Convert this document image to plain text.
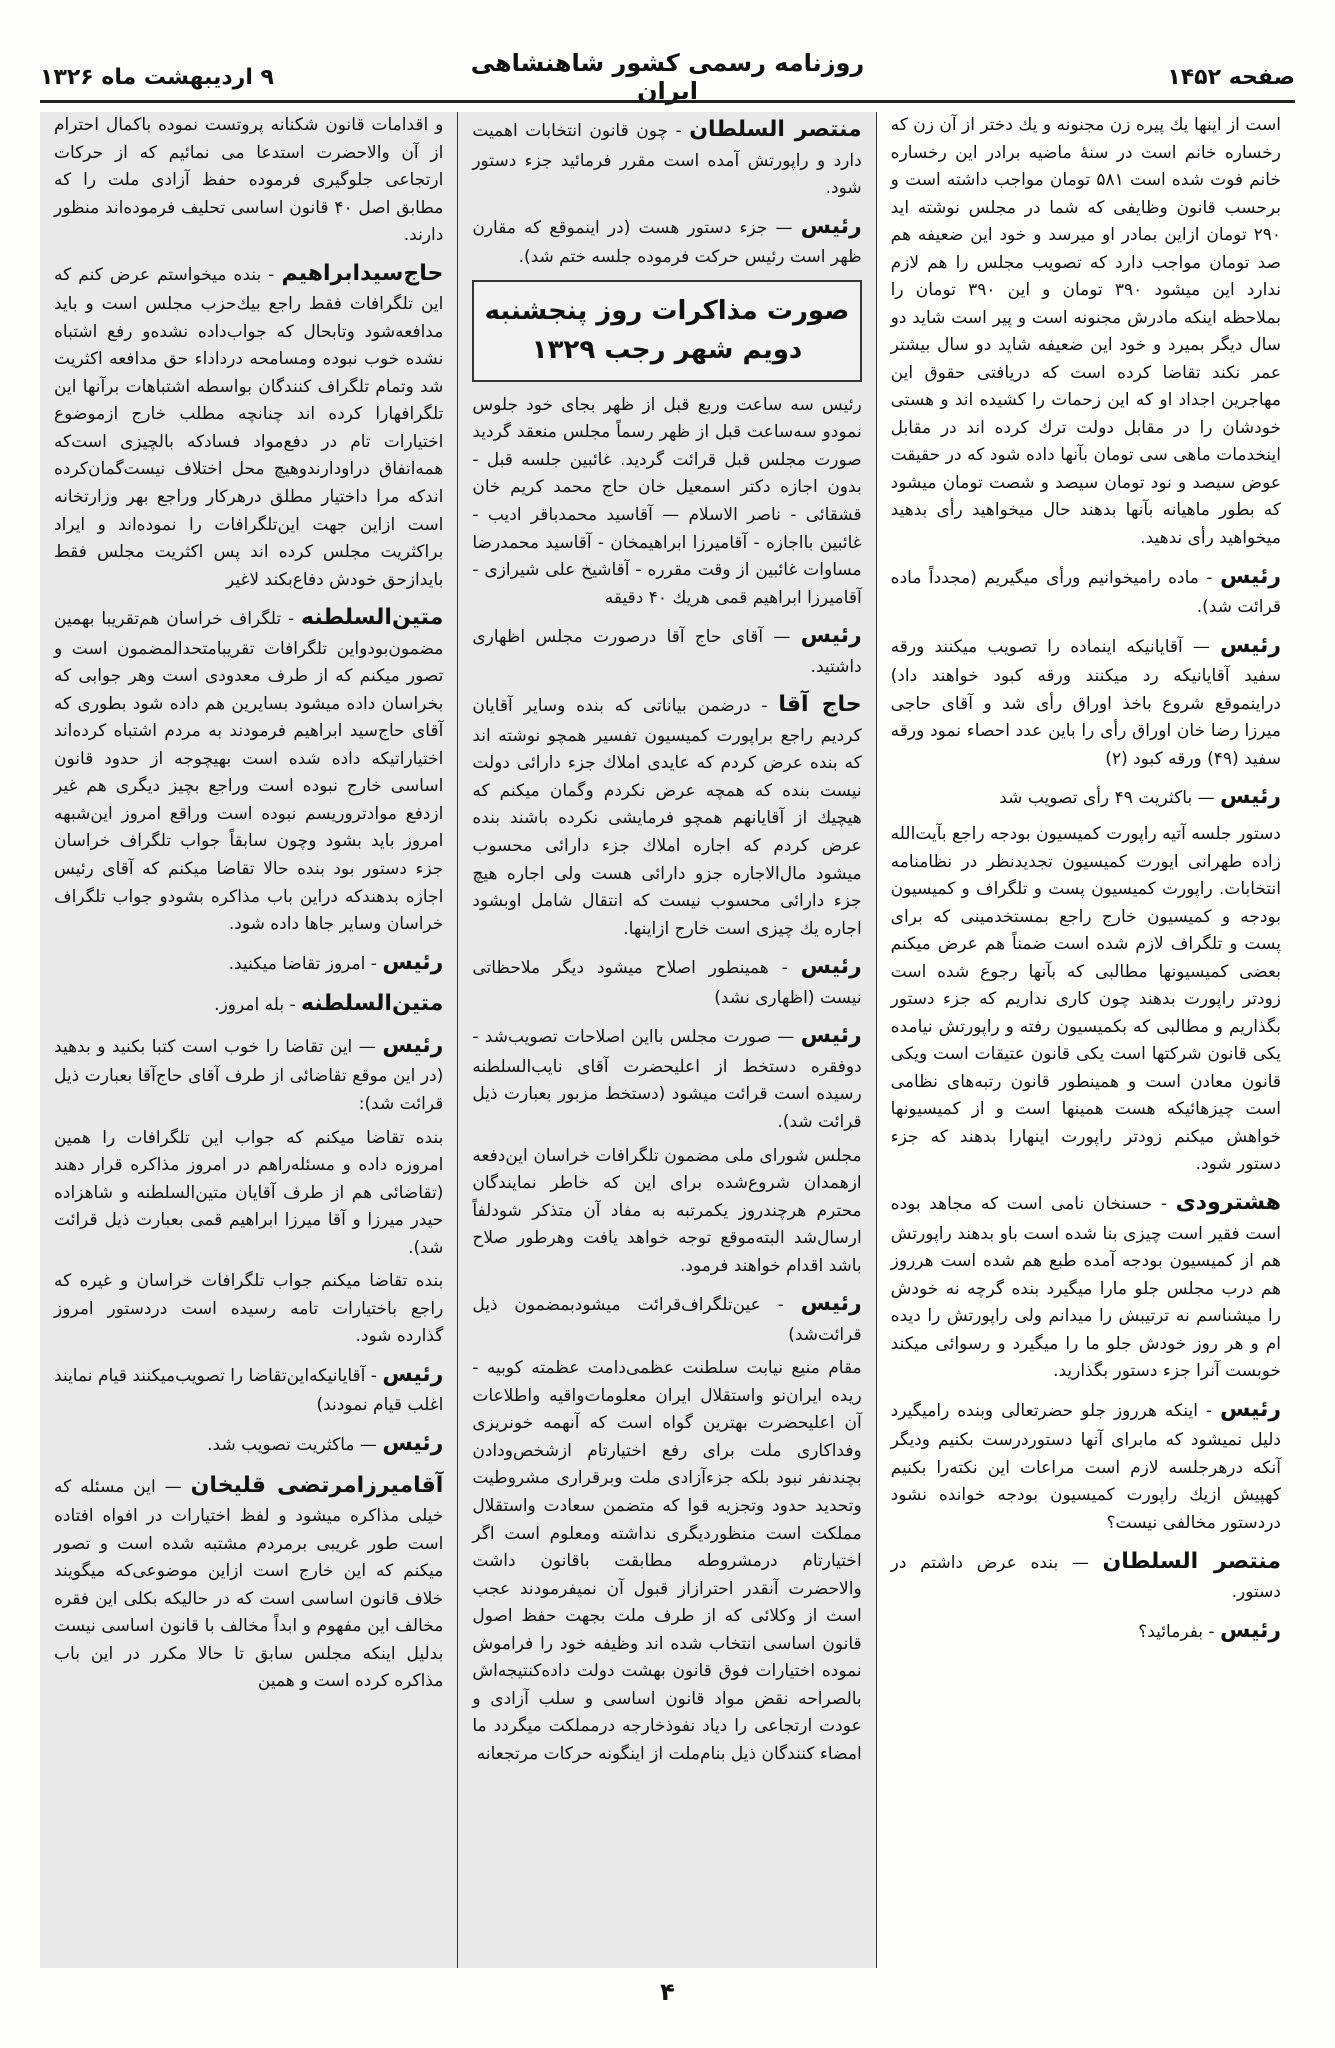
صفحه ۱۴۵۲
روزنامه رسمی کشور شاهنشاهی ایران
۹ اردیبهشت ماه ۱۳۲۶

است از اینها یك پیره زن مجنونه و یك دختر از آن زن که رخساره خانم است در سنهٔ ماضیه برادر این رخساره خانم فوت شده است ۵۸۱ تومان مواجب داشته است و برحسب قانون وظایفی که شما در مجلس نوشته اید ۲۹۰ تومان ازاین بمادر او میرسد و خود این ضعیفه هم صد تومان مواجب دارد که تصویب مجلس را هم لازم ندارد این میشود ۳۹۰ تومان و این ۳۹۰ تومان را بملاحظه اینکه مادرش مجنونه است و پیر است شاید دو سال دیگر بمیرد و خود این ضعیفه شاید دو سال بیشتر عمر نکند تقاضا کرده است که دریافتی حقوق این مهاجرین اجداد او که این زحمات را کشیده اند و هستی خودشان را در مقابل دولت ترك کرده اند در مقابل اینخدمات ماهی سی تومان بآنها داده شود که در حقیقت عوض سیصد و نود تومان سیصد و شصت تومان میشود که بطور ماهیانه بآنها بدهند حال میخواهید رأی بدهید میخواهید رأی ندهید.

رئیس - ماده رامیخوانیم ورأی میگیریم (مجدداً ماده قرائت شد).

رئیس — آقایانیکه اینماده را تصویب میکنند ورقه سفید آقایانیکه رد میکنند ورقه کبود خواهند داد) دراینموقع شروع باخذ اوراق رأی شد و آقای حاجی میرزا رضا خان اوراق رأی را باین عدد احصاء نمود ورقه سفید (۴۹) ورقه کبود (۲)

رئیس — باکثریت ۴۹ رأی تصویب شد

دستور جلسه آتیه راپورت کمیسیون بودجه راجع بآیت‌الله زاده طهرانی ایورت کمیسیون تجدیدنظر در نظامنامه انتخابات. راپورت کمیسیون پست و تلگراف و کمیسیون بودجه و کمیسیون خارج راجع بمستخدمینی که برای پست و تلگراف لازم شده است ضمناً هم عرض میکنم بعضی کمیسیونها مطالبی که بآنها رجوع شده است زودتر راپورت بدهند چون کاری نداریم که جزء دستور بگذاریم و مطالبی که بکمیسیون رفته و راپورتش نیامده یکی قانون شرکتها است یکی قانون عتیقات است ویکی قانون معادن است و همینطور قانون رتبه‌های نظامی است چیزهائیکه هست همینها است و از کمیسیونها خواهش میکنم زودتر راپورت اینهارا بدهند که جزء دستور شود.

هشترودی - حسنخان نامی است که مجاهد بوده است فقیر است چیزی بنا شده است باو بدهند راپورتش هم از کمیسیون بودجه آمده طبع هم شده است هرروز هم درب مجلس جلو مارا میگیرد بنده گرچه نه خودش را میشناسم نه ترتیبش را میدانم ولی راپورتش را دیده ام و هر روز خودش جلو ما را میگیرد و رسوائی میکند خوبست آنرا جزء دستور بگذارید.

رئیس - اینکه هرروز جلو حضرتعالی وبنده رامیگیرد دلیل نمیشود که مابرای آنها دستوردرست بکنیم ودیگر آنکه درهرجلسه لازم است مراعات این نکته‌را بکنیم کهپیش ازیك راپورت کمیسیون بودجه خوانده نشود دردستور مخالفی نیست؟

منتصر السلطان — بنده عرض داشتم در دستور.

رئیس - بفرمائید؟

منتصر السلطان - چون قانون انتخابات اهمیت دارد و راپورتش آمده است مقرر فرمائید جزء دستور شود.

رئیس — جزء دستور هست (در اینموقع که مقارن ظهر است رئیس حرکت فرموده جلسه ختم شد).

صورت مذاکرات روز پنجشنبه دویم شهر رجب ۱۳۲۹

رئیس سه ساعت وربع قبل از ظهر بجای خود جلوس نمودو سه‌ساعت قبل از ظهر رسماً مجلس منعقد گردید صورت مجلس قبل قرائت گردید. غائبین جلسه قبل - بدون اجازه دکتر اسمعیل خان حاج محمد کریم خان قشقائی - ناصر الاسلام — آقاسید محمدباقر ادیب - غائبین بااجازه - آقامیرزا ابراهیمخان - آقاسید محمدرضا مساوات غائبین از وقت مقرره - آقاشیخ علی شیرازی - آقامیرزا ابراهیم قمی هریك ۴۰ دقیقه

رئیس — آقای حاج آقا درصورت مجلس اظهاری داشتید.

حاج آقا - درضمن بیاناتی که بنده وسایر آقایان کردیم راجع براپورت کمیسیون تفسیر همچو نوشته اند که بنده عرض کردم که عایدی املاك جزء دارائی دولت نیست بنده که همچه عرض نکردم وگمان میکنم که هیچیك از آقایانهم همچو فرمایشی نکرده باشند بنده عرض کردم که اجاره املاك جزء دارائی محسوب میشود مال‌الاجاره جزو دارائی هست ولی اجاره هیچ جزء دارائی محسوب نیست که انتقال شامل اوبشود اجاره یك چیزی است خارج ازاینها.

رئیس - همینطور اصلاح میشود دیگر ملاحظاتی نیست (اظهاری نشد)

رئیس — صورت مجلس بااین اصلاحات تصویب‌شد - دوفقره دستخط از اعلیحضرت آقای نایب‌السلطنه رسیده است قرائت میشود (دستخط مزبور بعبارت ذیل قرائت شد).

مجلس شورای ملی مضمون تلگرافات خراسان این‌دفعه ازهمدان شروع‌شده برای این که خاطر نمایندگان محترم هرچندروز یکمرتبه به مفاد آن متذکر شودلفاً ارسال‌شد البته‌موقع توجه خواهد یافت وهرطور صلاح باشد اقدام خواهند فرمود.

رئیس - عین‌تلگراف‌قرائت میشودبمضمون ذیل قرائت‌شد)

مقام منیع نیابت سلطنت عظمی‌دامت عظمته کوبیه - ریده ایران‌نو واستقلال ایران معلومات‌واقیه واطلاعات آن اعلیحضرت بهترین گواه است که آنهمه خونریزی وفداکاری ملت برای رفع اختیارتام ازشخص‌ودادن بچندنفر نبود بلکه جزءآزادی ملت وبرقراری مشروطیت وتحدید حدود وتجزیه قوا که متضمن سعادت واستقلال مملکت است منظوردیگری نداشته ومعلوم است اگر اختیارتام درمشروطه مطابقت باقانون داشت والاحضرت آنقدر احترازاز قبول آن نمیفرمودند عجب است از وکلائی که از طرف ملت بجهت حفظ اصول قانون اساسی انتخاب شده اند وظیفه خود را فراموش نموده اختیارات فوق قانون بهشت دولت داده‌کنتیجه‌اش بالصراحه نقض مواد قانون اساسی و سلب آزادی و عودت ارتجاعی را دیاد نفوذخارجه درمملکت میگردد ما امضاء کنندگان ذیل بنام‌ملت از اینگونه حرکات مرتجعانه

و اقدامات قانون شکنانه پروتست نموده باکمال احترام از آن والاحضرت استدعا می نمائیم که از حرکات ارتجاعی جلوگیری فرموده حفظ آزادی ملت را که مطابق اصل ۴۰ قانون اساسی تحلیف فرموده‌اند منظور دارند.

حاج‌سیدابراهیم - بنده میخواستم عرض کنم که این تلگرافات فقط راجع بیك‌حزب مجلس است و باید مدافعه‌شود وتابحال که جواب‌داده نشده‌و رفع اشتباه نشده خوب نبوده ومسامحه درداداء حق مدافعه اکثریت شد وتمام تلگراف کنندگان بواسطه اشتباهات برآنها این تلگرافهارا کرده اند چنانچه مطلب خارج ازموضوع اختیارات تام در دفع‌مواد فسادکه بالچیزی است‌که همه‌اتفاق دراودارندوهیچ محل اختلاف نیست‌گمان‌کرده اندکه مرا داختیار مطلق درهرکار وراجع بهر وزارتخانه است ازاین جهت این‌تلگرافات را نموده‌اند و ایراد براکثریت مجلس کرده اند پس اکثریت مجلس فقط بایدازحق خودش دفاع‌بکند لاغیر

متین‌السلطنه - تلگراف خراسان هم‌تقریبا بهمین مضمون‌بودواین تلگرافات تقریبامتحدالمضمون است و تصور میکنم که از طرف معدودی است وهر جوابی که بخراسان داده میشود بسایرین هم داده شود بطوری که آقای حاج‌سید ابراهیم فرمودند به مردم اشتباه کرده‌اند اختیاراتیکه داده شده است بهیچوجه از حدود قانون اساسی خارج نبوده است وراجع بچیز دیگری هم غیر ازدفع موادتروریسم نبوده است وراقع امروز این‌شبهه امروز باید بشود وچون سابقاً جواب تلگراف خراسان جزء دستور بود بنده حالا تقاضا میکنم که آقای رئیس اجازه بدهندکه دراین باب مذاکره بشودو جواب تلگراف خراسان وسایر جاها داده شود.

رئیس - امروز تقاضا میکنید.

متین‌السلطنه - بله امروز.

رئیس — این تقاضا را خوب است کتبا بکنید و بدهید (در این موقع تقاضائی از طرف آقای حاج‌آقا بعبارت ذیل قرائت شد):

بنده تقاضا میکنم که جواب این تلگرافات را همین امروزه داده و مسئله‌راهم در امروز مذاکره قرار دهند (تقاضائی هم از طرف آقایان متین‌السلطنه و شاهزاده حیدر میرزا و آقا میرزا ابراهیم قمی بعبارت ذیل قرائت شد).

بنده تقاضا میکنم جواب تلگرافات خراسان و غیره که راجع باختیارات تامه رسیده است دردستور امروز گذارده شود.

رئیس - آقایانیکه‌این‌تقاضا را تصویب‌میکنند قیام نمایند اغلب قیام نمودند)

رئیس — ماکثریت تصویب شد.

آقامیرزامرتضی قلیخان — این مسئله که خیلی مذاکره میشود و لفظ اختیارات در افواه افتاده است طور غریبی برمردم مشتبه شده است و تصور میکنم که این خارج است ازاین موضوعی‌که میگویند خلاف قانون اساسی است که در حالیکه بکلی این فقره مخالف این مفهوم و ابداً مخالف با قانون اساسی نیست بدلیل اینکه مجلس سابق تا حالا مکرر در این باب مذاکره کرده است و همین

۴
